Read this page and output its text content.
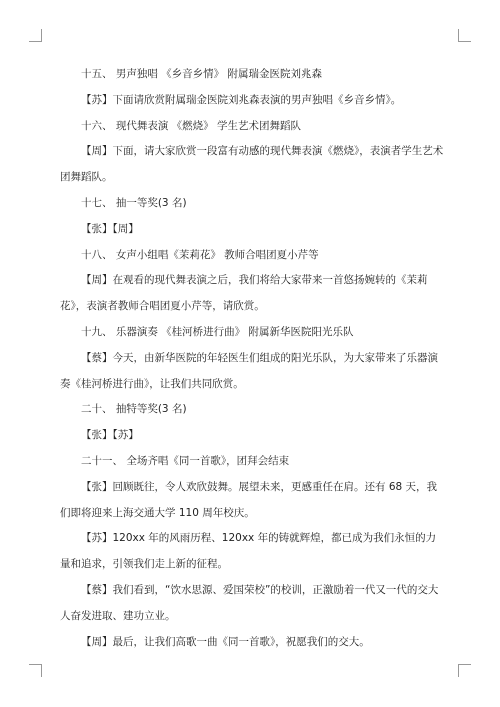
十五、 男声独唱 《乡音乡情》 附属瑞金医院刘兆森

【苏】下面请欣赏附属瑞金医院刘兆森表演的男声独唱《乡音乡情》。

十六、 现代舞表演 《燃烧》 学生艺术团舞蹈队

【周】下面，请大家欣赏一段富有动感的现代舞表演《燃烧》，表演者学生艺术团舞蹈队。

十七、 抽一等奖(3 名)

【张】【周】

十八、 女声小组唱《茉莉花》 教师合唱团夏小芹等

【周】在观看的现代舞表演之后，我们将给大家带来一首悠扬婉转的《茉莉花》，表演者教师合唱团夏小芹等，请欣赏。

十九、 乐器演奏 《桂河桥进行曲》 附属新华医院阳光乐队

【蔡】今天，由新华医院的年轻医生们组成的阳光乐队，为大家带来了乐器演奏《桂河桥进行曲》，让我们共同欣赏。

二十、 抽特等奖(3 名)

【张】【苏】

二十一、 全场齐唱《同一首歌》，团拜会结束

【张】回顾既往，令人欢欣鼓舞。展望未来，更感重任在肩。还有 68 天，我们即将迎来上海交通大学 110 周年校庆。

【苏】120xx 年的风雨历程、120xx 年的铸就辉煌，都已成为我们永恒的力量和追求，引领我们走上新的征程。

【蔡】我们看到，“饮水思源、爱国荣校”的校训，正激励着一代又一代的交大人奋发进取、建功立业。

【周】最后，让我们高歌一曲《同一首歌》，祝愿我们的交大。
